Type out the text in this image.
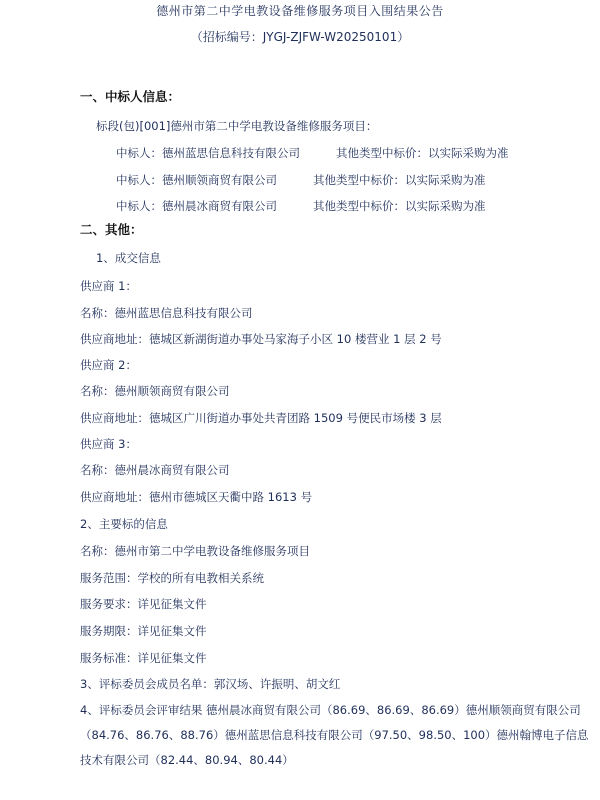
德州市第二中学电教设备维修服务项目入围结果公告
（招标编号：JYGJ-ZJFW-W20250101）
一、中标人信息：
标段(包)[001]德州市第二中学电教设备维修服务项目：
中标人：德州蓝思信息科技有限公司	其他类型中标价：以实际采购为准
中标人：德州顺领商贸有限公司	其他类型中标价：以实际采购为准
中标人：德州晨冰商贸有限公司	其他类型中标价：以实际采购为准
二、其他：
1、成交信息
供应商 1：
名称：德州蓝思信息科技有限公司
供应商地址：德城区新湖街道办事处马家海子小区 10 楼营业 1 层 2 号
供应商 2：
名称：德州顺领商贸有限公司
供应商地址：德城区广川街道办事处共青团路 1509 号便民市场楼 3 层
供应商 3：
名称：德州晨冰商贸有限公司
供应商地址：德州市德城区天衢中路 1613 号
2、主要标的信息
名称：德州市第二中学电教设备维修服务项目
服务范围：学校的所有电教相关系统
服务要求：详见征集文件
服务期限：详见征集文件
服务标准：详见征集文件
3、评标委员会成员名单：郭汉场、许振明、胡文红
4、评标委员会评审结果 德州晨冰商贸有限公司（86.69、86.69、86.69）德州顺领商贸有限公司（84.76、86.76、88.76）德州蓝思信息科技有限公司（97.50、98.50、100）德州翰博电子信息技术有限公司（82.44、80.94、80.44）
